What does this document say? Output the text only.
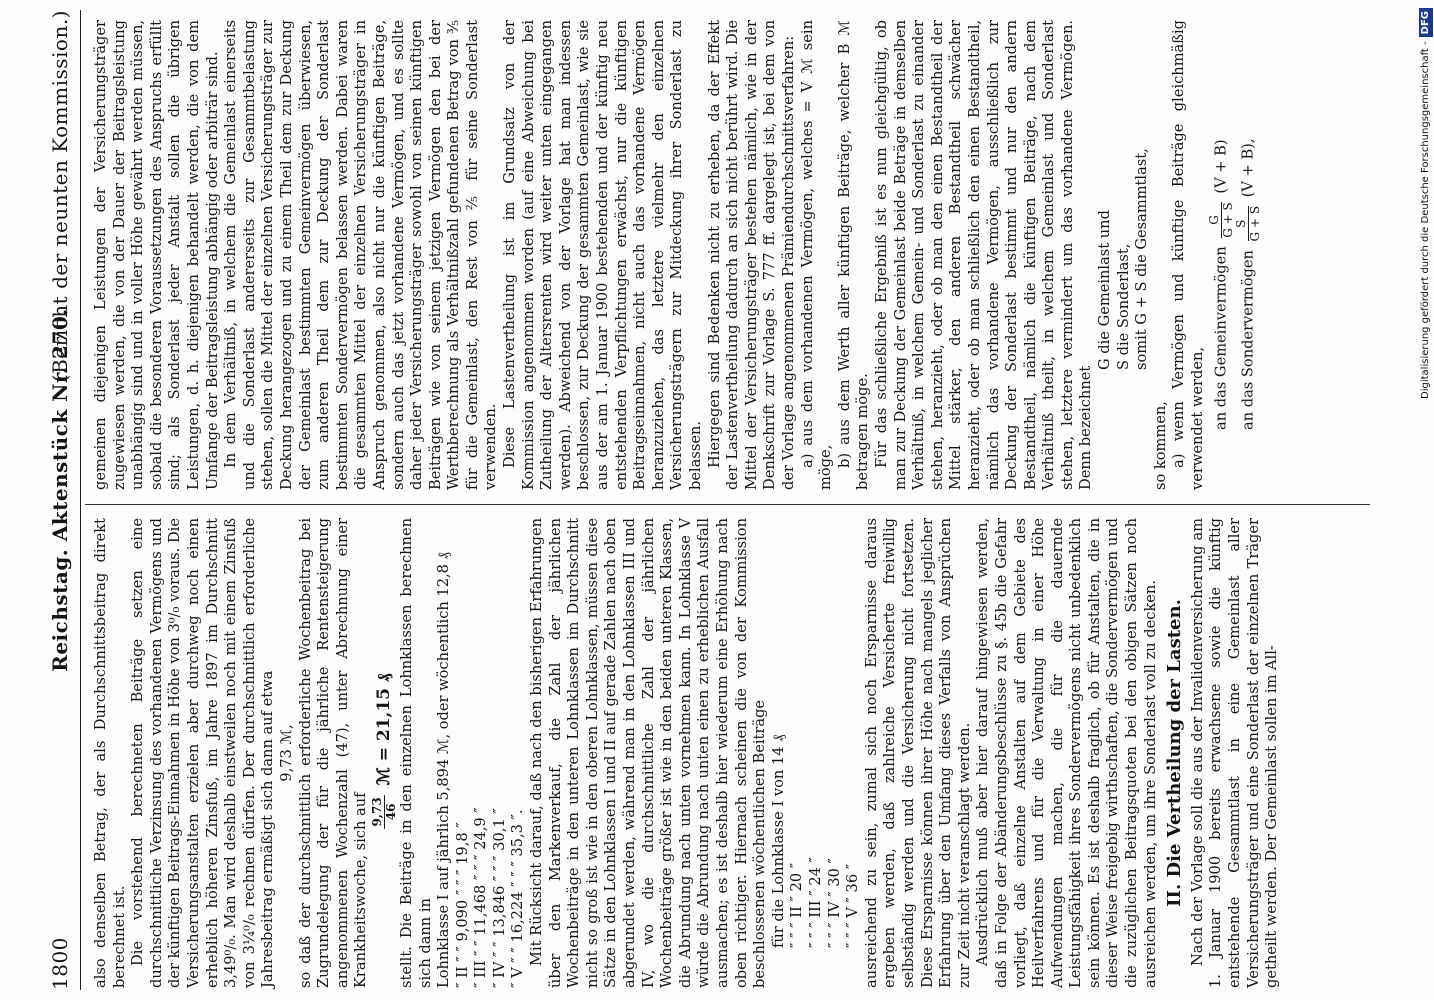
1800
Reichstag. Aktenstück Nr. 270.
(Bericht der neunten Kommission.)

also denselben Betrag, der als Durchschnittsbeitrag direkt berechnet ist. Die vorstehend berechneten Beiträge setzen eine durchschnittliche Verzinsung des vorhandenen Vermögens und der künftigen Beitrags-Einnahmen in Höhe von 3⁰/₀ voraus. Die Versicherungsanstalten erzielen aber durchweg noch einen erheblich höheren Zinsfuß, im Jahre 1897 im Durchschnitt 3,49⁰/₀. Man wird deshalb einstweilen noch mit einem Zinsfuß von 3¼⁰/₀ rechnen dürfen. Der durchschnittlich erforderliche Jahresbeitrag ermäßigt sich dann auf etwa 9,73 ℳ, so daß der durchschnittlich erforderliche Wochenbeitrag bei Zugrundelegung der für die jährliche Rentensteigerung angenommenen Wochenzahl (47), unter Abrechnung einer Krankheitswoche, sich auf 9,73 46
ℳ = 21,15 ₰ stellt. Die Beiträge in den einzelnen Lohnklassen berechnen sich dann in Lohnklasse I auf jährlich 5,894 ℳ, oder wöchentlich 12,8 ₰ ″ II ″ ″ 9,090 ″ ″ ″ 19,8 ″ ″ III ″ ″ 11,468 ″ ″ ″ 24,9 ″ ″ IV ″ ″ 13,846 ″ ″ ″ 30,1 ″ ″ V ″ ″ 16,224 ″ ″ ″ 35,3 ″. Mit Rücksicht darauf, daß nach den bisherigen Erfahrungen über den Markenverkauf, die Zahl der jährlichen Wochenbeiträge in den unteren Lohnklassen im Durchschnitt nicht so groß ist wie in den oberen Lohnklassen, müssen diese Sätze in den Lohnklassen I und II auf gerade Zahlen nach oben abgerundet werden, während man in den Lohnklassen III und IV, wo die durchschnittliche Zahl der jährlichen Wochenbeiträge größer ist wie in den beiden unteren Klassen, die Abrundung nach unten vornehmen kann. In Lohnklasse V würde die Abrundung nach unten einen zu erheblichen Ausfall ausmachen; es ist deshalb hier wiederum eine Erhöhung nach oben richtiger. Hiernach scheinen die von der Kommission beschlossenen wöchentlichen Beiträge für die Lohnklasse I von 14 ₰ ″ ″ ″ II ″ 20 ″ ″ ″ ″ III ″ 24 ″ ″ ″ ″ IV ″ 30 ″ ″ ″ ″ V ″ 36 ″ ausreichend zu sein, zumal sich noch Ersparnisse daraus ergeben werden, daß zahlreiche Versicherte freiwillig selbständig werden und die Versicherung nicht fortsetzen. Diese Ersparnisse können ihrer Höhe nach mangels jeglicher Erfahrung über den Umfang dieses Verfalls von Ansprüchen zur Zeit nicht veranschlagt werden. Ausdrücklich muß aber hier darauf hingewiesen werden, daß in Folge der Abänderungsbeschlüsse zu §. 45b die Gefahr vorliegt, daß einzelne Anstalten auf dem Gebiete des Heilverfahrens und für die Verwaltung in einer Höhe Aufwendungen machen, die für die dauernde Leistungsfähigkeit ihres Sondervermögens nicht unbedenklich sein können. Es ist deshalb fraglich, ob für Anstalten, die in dieser Weise freigebig wirthschaften, die Sondervermögen und die zuzüglichen Beitragsquoten bei den obigen Sätzen noch ausreichen werden, um ihre Sonderlast voll zu decken. II. Die Vertheilung der Lasten. Nach der Vorlage soll die aus der Invalidenversicherung am 1. Januar 1900 bereits erwachsene sowie die künftig entstehende Gesammtlast in eine Gemeinlast aller Versicherungsträger und eine Sonderlast der einzelnen Träger getheilt werden. Der Gemeinlast sollen im All-

gemeinen diejenigen Leistungen der Versicherungsträger zugewiesen werden, die von der Dauer der Beitragsleistung unabhängig sind und in voller Höhe gewährt werden müssen, sobald die besonderen Voraussetzungen des Anspruchs erfüllt sind; als Sonderlast jeder Anstalt sollen die übrigen Leistungen, d. h. diejenigen behandelt werden, die von dem Umfange der Beitragsleistung abhängig oder arbiträr sind. In dem Verhältniß, in welchem die Gemeinlast einerseits und die Sonderlast andererseits zur Gesammtbelastung stehen, sollen die Mittel der einzelnen Versicherungsträger zur Deckung herangezogen und zu einem Theil dem zur Deckung der Gemeinlast bestimmten Gemeinvermögen überwiesen, zum anderen Theil dem zur Deckung der Sonderlast bestimmten Sondervermögen belassen werden. Dabei waren die gesammten Mittel der einzelnen Versicherungsträger in Anspruch genommen, also nicht nur die künftigen Beiträge, sondern auch das jetzt vorhandene Vermögen, und es sollte daher jeder Versicherungsträger sowohl von seinen künftigen Beiträgen wie von seinem jetzigen Vermögen den bei der Werthberechnung als Verhältnißzahl gefundenen Betrag von ⅗ für die Gemeinlast, den Rest von ⅖ für seine Sonderlast verwenden. Diese Lastenvertheilung ist im Grundsatz von der Kommission angenommen worden (auf eine Abweichung bei Zutheilung der Altersrenten wird weiter unten eingegangen werden). Abweichend von der Vorlage hat man indessen beschlossen, zur Deckung der gesammten Gemeinlast, wie sie aus der am 1. Januar 1900 bestehenden und der künftig neu entstehenden Verpflichtungen erwächst, nur die künftigen Beitragseinnahmen, nicht auch das vorhandene Vermögen heranzuziehen, das letztere vielmehr den einzelnen Versicherungsträgern zur Mitdeckung ihrer Sonderlast zu belassen. Hiergegen sind Bedenken nicht zu erheben, da der Effekt der Lastenvertheilung dadurch an sich nicht berührt wird. Die Mittel der Versicherungsträger bestehen nämlich, wie in der Denkschrift zur Vorlage S. 777 ff. dargelegt ist, bei dem von der Vorlage angenommenen Prämiendurchschnittsverfahren: a) aus dem vorhandenen Vermögen, welches = V ℳ sein möge, b) aus dem Werth aller künftigen Beiträge, welcher B ℳ betragen möge. Für das schließliche Ergebniß ist es nun gleichgültig, ob man zur Deckung der Gemeinlast beide Beträge in demselben Verhältniß, in welchem Gemein- und Sonderlast zu einander stehen, heranzieht, oder ob man den einen Bestandtheil der Mittel stärker, den anderen Bestandtheil schwächer heranzieht, oder ob man schließlich den einen Bestandtheil, nämlich das vorhandene Vermögen, ausschließlich zur Deckung der Sonderlast bestimmt und nur den andern Bestandtheil, nämlich die künftigen Beiträge, nach dem Verhältniß theilt, in welchem Gemeinlast und Sonderlast stehen, letztere vermindert um das vorhandene Vermögen. Denn bezeichnet

G die Gemeinlast und S die Sonderlast, somit G + S die Gesammtlast,

so kommen, a) wenn Vermögen und künftige Beiträge gleichmäßig verwendet werden, an das Gemeinvermögen
G G + S
(V + B)

an das Sondervermögen
S G + S
(V + B),	Digitalisierung gefördert durch die Deutsche Forschungsgemeinschaft -DFG
